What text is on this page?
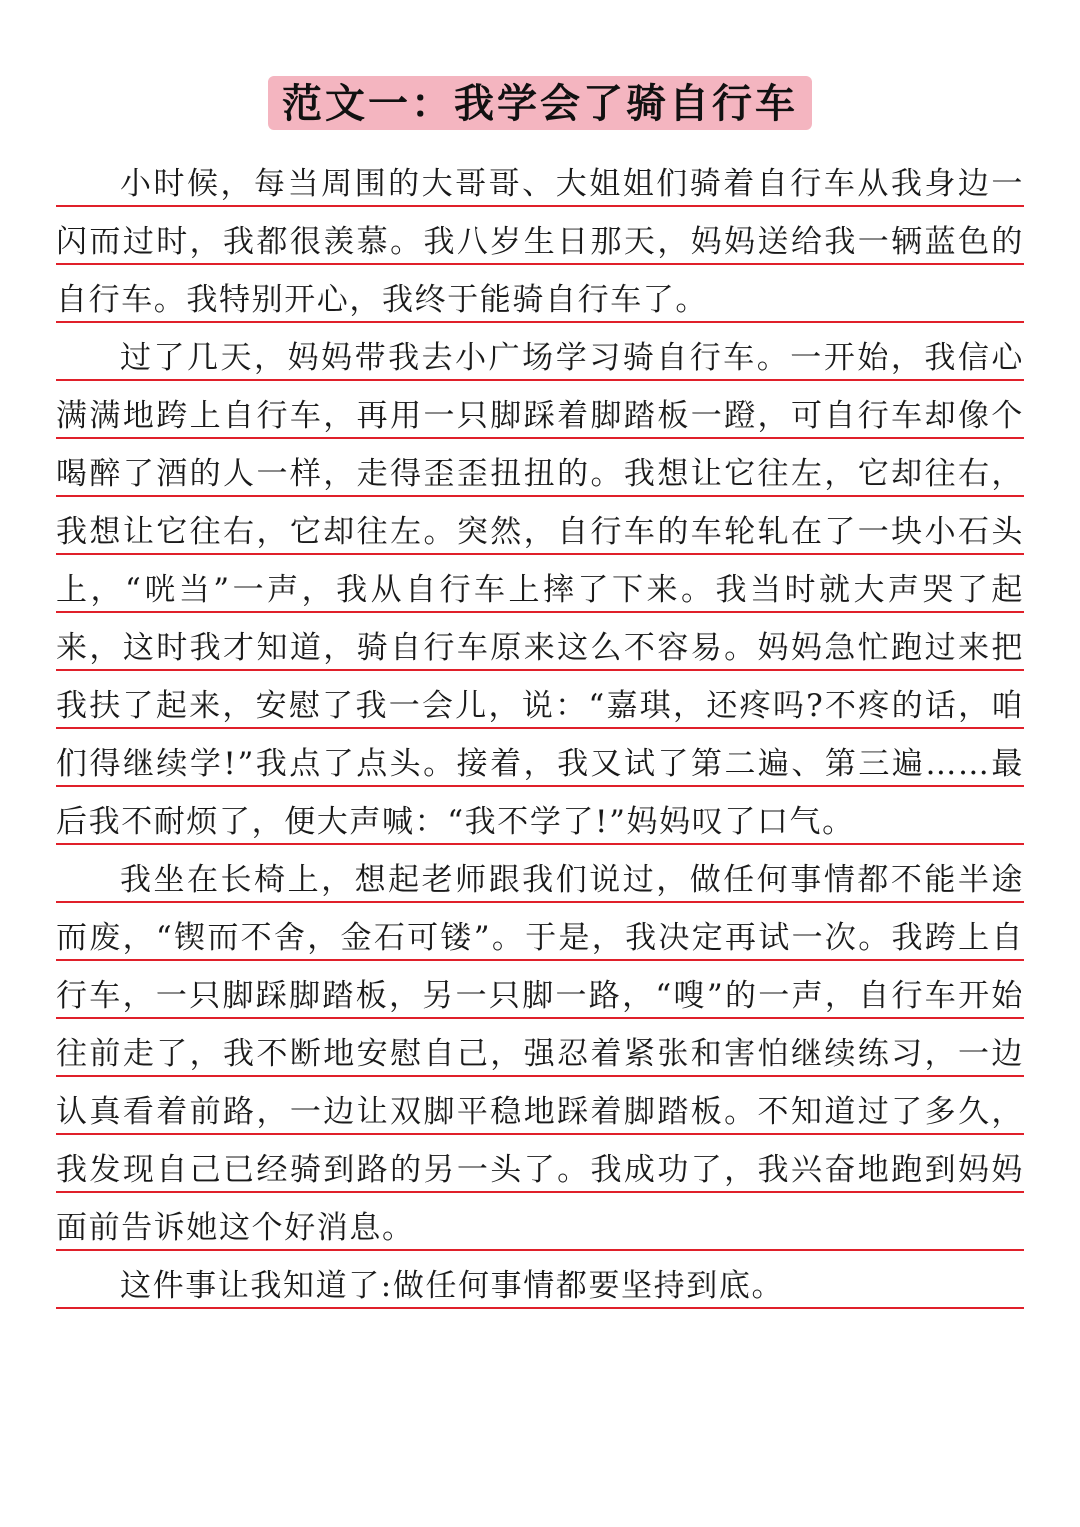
范文一：我学会了骑自行车

小时候，每当周围的大哥哥、大姐姐们骑着自行车从我身边一闪而过时，我都很羡慕。我八岁生日那天，妈妈送给我一辆蓝色的自行车。我特别开心，我终于能骑自行车了。

过了几天，妈妈带我去小广场学习骑自行车。一开始，我信心满满地跨上自行车，再用一只脚踩着脚踏板一蹬，可自行车却像个喝醉了酒的人一样，走得歪歪扭扭的。我想让它往左，它却往右，我想让它往右，它却往左。突然，自行车的车轮轧在了一块小石头上，“咣当”一声，我从自行车上摔了下来。我当时就大声哭了起来，这时我才知道，骑自行车原来这么不容易。妈妈急忙跑过来把我扶了起来，安慰了我一会儿，说：“嘉琪，还疼吗?不疼的话，咱们得继续学!”我点了点头。接着，我又试了第二遍、第三遍……最后我不耐烦了，便大声喊：“我不学了!”妈妈叹了口气。

我坐在长椅上，想起老师跟我们说过，做任何事情都不能半途而废，“锲而不舍，金石可镂”。于是，我决定再试一次。我跨上自行车，一只脚踩脚踏板，另一只脚一路，“嗖”的一声，自行车开始往前走了，我不断地安慰自己，强忍着紧张和害怕继续练习，一边认真看着前路，一边让双脚平稳地踩着脚踏板。不知道过了多久，我发现自己已经骑到路的另一头了。我成功了，我兴奋地跑到妈妈面前告诉她这个好消息。

这件事让我知道了:做任何事情都要坚持到底。
